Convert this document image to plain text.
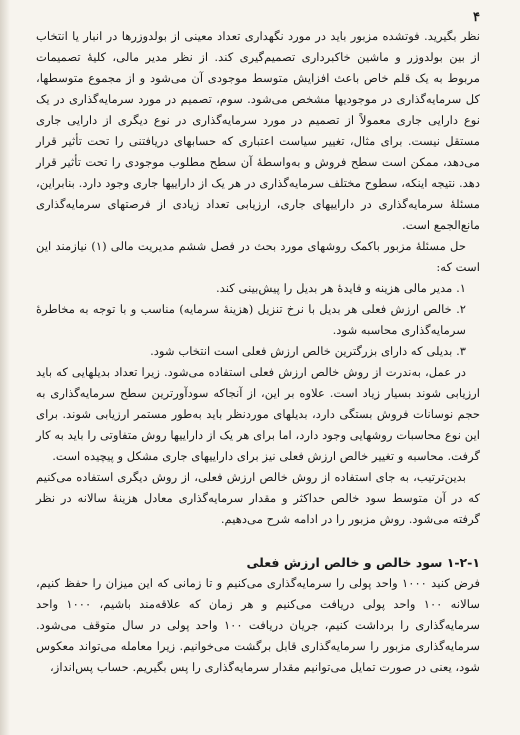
۴

نظر بگیرید. فوتشده مزبور باید در مورد نگهداری تعداد معینی از بولدوزرها در انبار یا انتخاب از بین بولدوزر و ماشین خاکبرداری تصمیم‌گیری کند. از نظر مدیر مالی، کلیهٔ تصمیمات مربوط به یک قلم خاص باعث افزایش متوسط موجودی آن می‌شود و از مجموع متوسطها، کل سرمایه‌گذاری در موجودیها مشخص می‌شود. سوم، تصمیم در مورد سرمایه‌گذاری در یک نوع دارایی جاری معمولاً از تصمیم در مورد سرمایه‌گذاری در نوع دیگری از دارایی جاری مستقل نیست. برای مثال، تغییر سیاست اعتباری که حسابهای دریافتنی را تحت تأثیر قرار می‌دهد، ممکن است سطح فروش و به‌واسطهٔ آن سطح مطلوب موجودی را تحت تأثیر قرار دهد. نتیجه اینکه، سطوح مختلف سرمایه‌گذاری در هر یک از داراییها جاری وجود دارد. بنابراین، مسئلهٔ سرمایه‌گذاری در داراییهای جاری، ارزیابی تعداد زیادی از فرصتهای سرمایه‌گذاری مانع‌الجمع است.

حل مسئلهٔ مزبور باکمک روشهای مورد بحث در فصل ششم مدیریت مالی (۱) نیازمند این است که:

۱. مدیر مالی هزینه و فایدهٔ هر بدیل را پیش‌بینی کند.

۲. خالص ارزش فعلی هر بدیل با نرخ تنزیل (هزینهٔ سرمایه) مناسب و با توجه به مخاطرهٔ سرمایه‌گذاری محاسبه شود.

۳. بدیلی که دارای بزرگترین خالص ارزش فعلی است انتخاب شود.

در عمل، به‌ندرت از روش خالص ارزش فعلی استفاده می‌شود. زیرا تعداد بدیلهایی که باید ارزیابی شوند بسیار زیاد است. علاوه بر این، از آنجاکه سودآورترین سطح سرمایه‌گذاری به حجم نوسانات فروش بستگی دارد، بدیلهای موردنظر باید به‌طور مستمر ارزیابی شوند. برای این نوع محاسبات روشهایی وجود دارد، اما برای هر یک از داراییها روش متفاوتی را باید به کار گرفت. محاسبه و تغییر خالص ارزش فعلی نیز برای داراییهای جاری مشکل و پیچیده است.

بدین‌ترتیب، به جای استفاده از روش خالص ارزش فعلی، از روش دیگری استفاده می‌کنیم که در آن متوسط سود خالص حداکثر و مقدار سرمایه‌گذاری معادل هزینهٔ سالانه در نظر گرفته می‌شود. روش مزبور را در ادامه شرح می‌دهیم.

۱-۲-۱ سود خالص و خالص ارزش فعلی

فرض کنید ۱۰۰۰ واحد پولی را سرمایه‌گذاری می‌کنیم و تا زمانی که این میزان را حفظ کنیم، سالانه ۱۰۰ واحد پولی دریافت می‌کنیم و هر زمان که علاقه‌مند باشیم، ۱۰۰۰ واحد سرمایه‌گذاری را برداشت کنیم، جریان دریافت ۱۰۰ واحد پولی در سال متوقف می‌شود. سرمایه‌گذاری مزبور را سرمایه‌گذاری قابل برگشت می‌خوانیم. زیرا معامله می‌تواند معکوس شود، یعنی در صورت تمایل می‌توانیم مقدار سرمایه‌گذاری را پس بگیریم. حساب پس‌انداز،
